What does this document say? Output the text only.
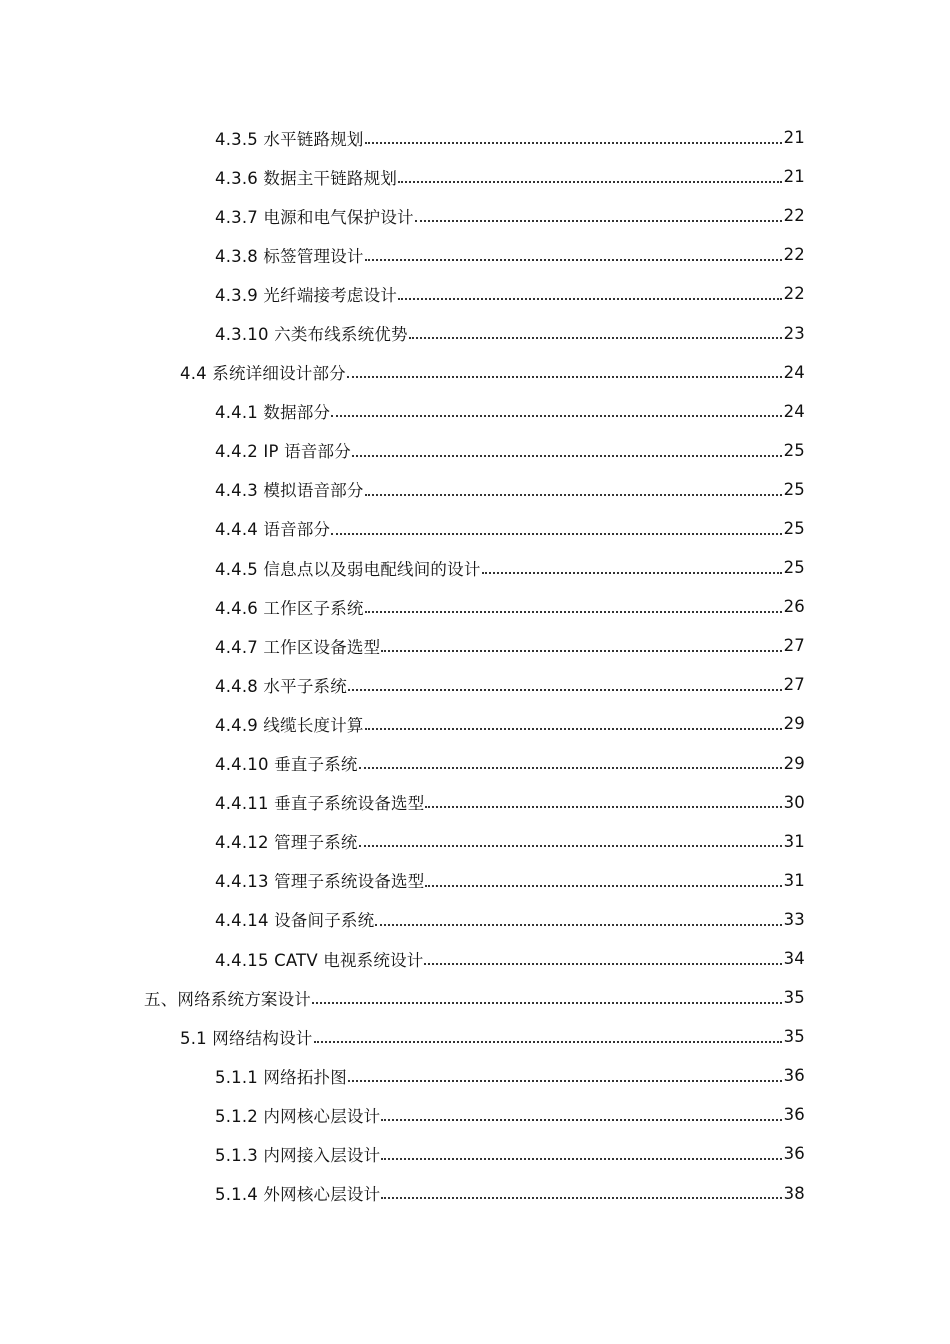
4.3.5 水平链路规划	21
4.3.6 数据主干链路规划	21
4.3.7 电源和电气保护设计	22
4.3.8 标签管理设计	22
4.3.9 光纤端接考虑设计	22
4.3.10 六类布线系统优势	23
4.4 系统详细设计部分	24
4.4.1 数据部分	24
4.4.2 IP 语音部分	25
4.4.3 模拟语音部分	25
4.4.4 语音部分	25
4.4.5 信息点以及弱电配线间的设计	25
4.4.6 工作区子系统	26
4.4.7 工作区设备选型	27
4.4.8 水平子系统	27
4.4.9 线缆长度计算	29
4.4.10 垂直子系统	29
4.4.11 垂直子系统设备选型	30
4.4.12 管理子系统	31
4.4.13 管理子系统设备选型	31
4.4.14 设备间子系统	33
4.4.15 CATV 电视系统设计	34
五、网络系统方案设计	35
5.1 网络结构设计	35
5.1.1 网络拓扑图	36
5.1.2 内网核心层设计	36
5.1.3 内网接入层设计	36
5.1.4 外网核心层设计	38
